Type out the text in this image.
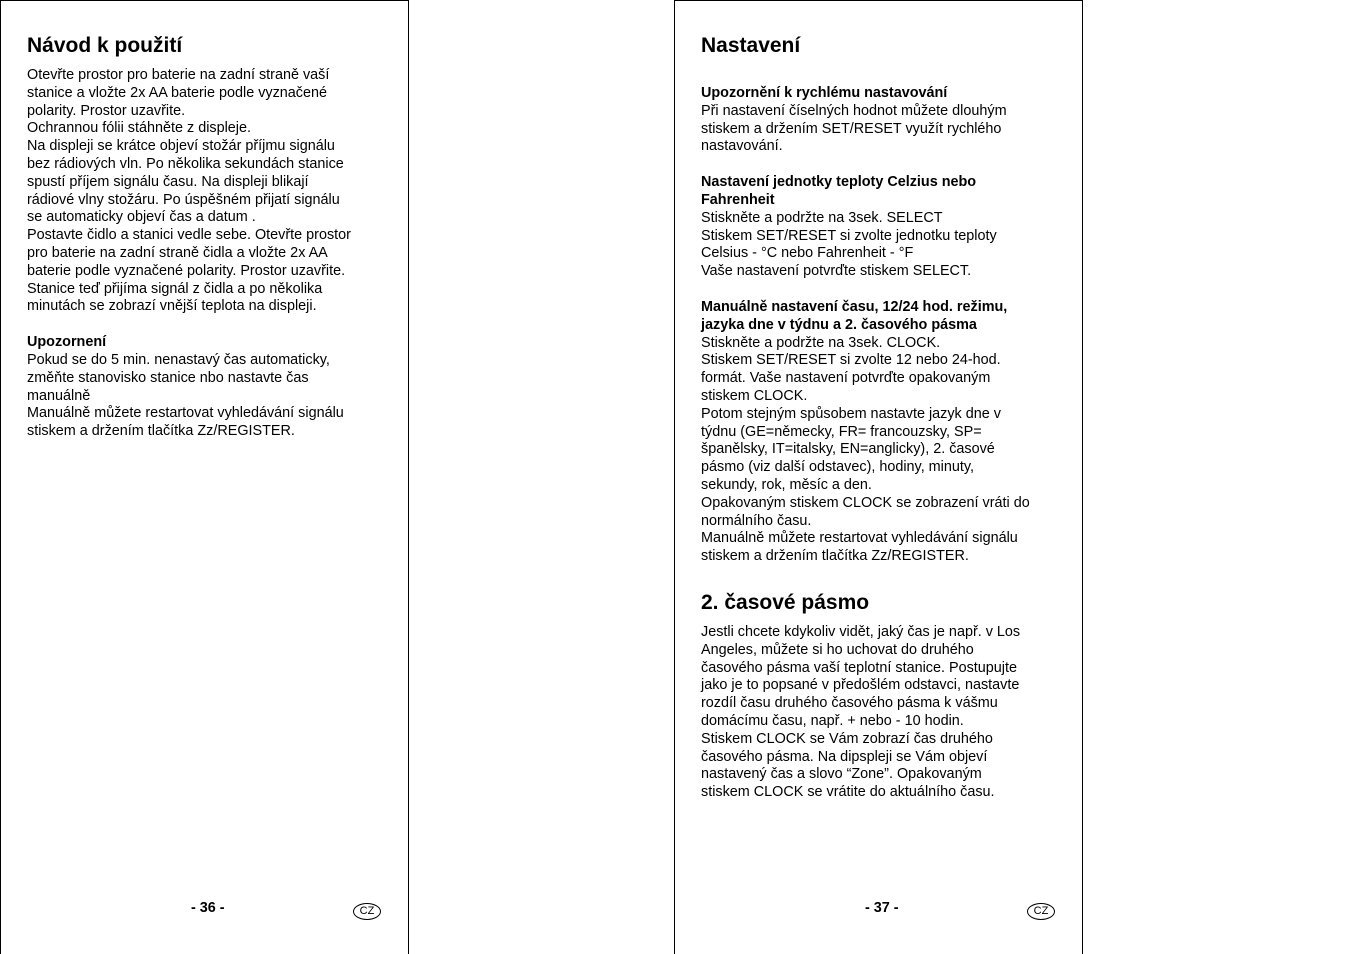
Návod k použití

Otevřte prostor pro baterie na zadní straně vaší
stanice a vložte 2x AA baterie podle vyznačené
polarity. Prostor uzavřite.
Ochrannou fólii stáhněte z displeje.
Na displeji se krátce objeví stožár příjmu signálu
bez rádiových vln. Po několika sekundách stanice
spustí příjem signálu času. Na displeji blikají
rádiové vlny stožáru. Po úspěšném přijatí signálu
se automaticky objeví čas a datum .
Postavte čidlo a stanici vedle sebe. Otevřte prostor
pro baterie na zadní straně čidla a vložte 2x AA
baterie podle vyznačené polarity. Prostor uzavřite.
Stanice teď přijíma signál z čidla a po několika
minutách se zobrazí vnější teplota na displeji.

Upozornení

Pokud se do 5 min. nenastavý čas automaticky,
změňte stanovisko stanice nbo nastavte čas
manuálně
Manuálně můžete restartovat vyhledávání signálu
stiskem a držením tlačítka Zz/REGISTER.

- 36 -	CZ
Nastavení
Upozornění k rychlému nastavování

Při nastavení číselných hodnot můžete dlouhým
stiskem a držením SET/RESET využít rychlého
nastavování.

Nastavení jednotky teploty Celzius nebo
Fahrenheit

Stiskněte a podržte na 3sek. SELECT
Stiskem SET/RESET si zvolte jednotku teploty
Celsius - °C nebo Fahrenheit - °F
Vaše nastavení potvrďte stiskem SELECT.

Manuálně nastavení času, 12/24 hod. režimu,
jazyka dne v týdnu a 2. časového pásma

Stiskněte a podržte na 3sek. CLOCK.
Stiskem SET/RESET si zvolte 12 nebo 24-hod.
formát. Vaše nastavení potvrďte opakovaným
stiskem CLOCK.
Potom stejným spůsobem nastavte jazyk dne v
týdnu (GE=německy, FR= francouzsky, SP=
španělsky, IT=italsky, EN=anglicky), 2. časové
pásmo (viz další odstavec), hodiny, minuty,
sekundy, rok, měsíc a den.
Opakovaným stiskem CLOCK se zobrazení vráti do
normálního času.
Manuálně můžete restartovat vyhledávání signálu
stiskem a držením tlačítka Zz/REGISTER.

2. časové pásmo

Jestli chcete kdykoliv vidět, jaký čas je např. v Los
Angeles, můžete si ho uchovat do druhého
časového pásma vaší teplotní stanice. Postupujte
jako je to popsané v předošlém odstavci, nastavte
rozdíl času druhého časového pásma k vášmu
domácímu času, např. + nebo - 10 hodin.
Stiskem CLOCK se Vám zobrazí čas druhého
časového pásma. Na dipspleji se Vám objeví
nastavený čas a slovo “Zone”. Opakovaným
stiskem CLOCK se vrátite do aktuálního času.

- 37 -	CZ
